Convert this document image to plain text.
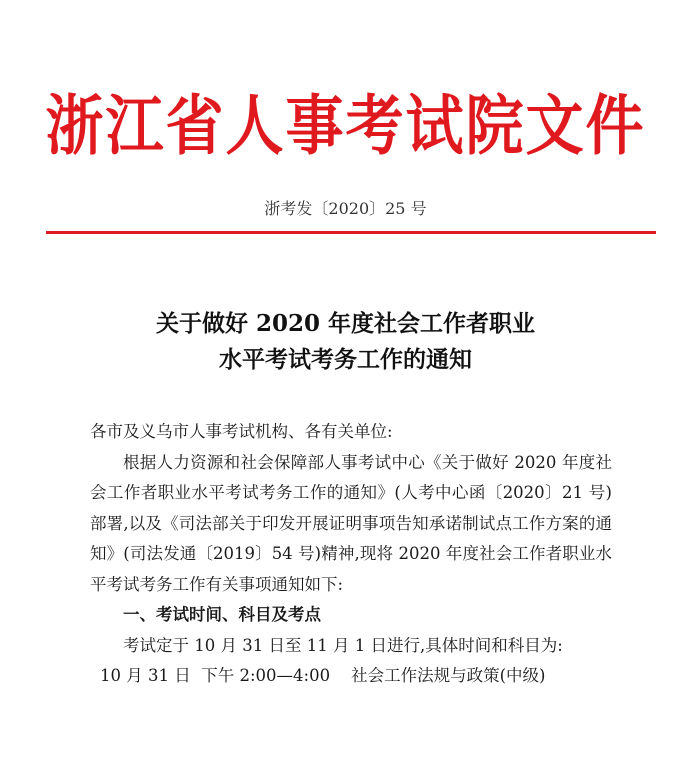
浙江省人事考试院文件
浙考发〔2020〕25 号
关于做好 2020 年度社会工作者职业
水平考试考务工作的通知

各市及义乌市人事考试机构、各有关单位:

根据人力资源和社会保障部人事考试中心《关于做好 2020 年度社会工作者职业水平考试考务工作的通知》(人考中心函〔2020〕21 号)部署,以及《司法部关于印发开展证明事项告知承诺制试点工作方案的通知》(司法发通〔2019〕54 号)精神,现将 2020 年度社会工作者职业水平考试考务工作有关事项通知如下:

一、考试时间、科目及考点

考试定于 10 月 31 日至 11 月 1 日进行,具体时间和科目为:

10 月 31 日 下午 2:00—4:00 社会工作法规与政策(中级)
